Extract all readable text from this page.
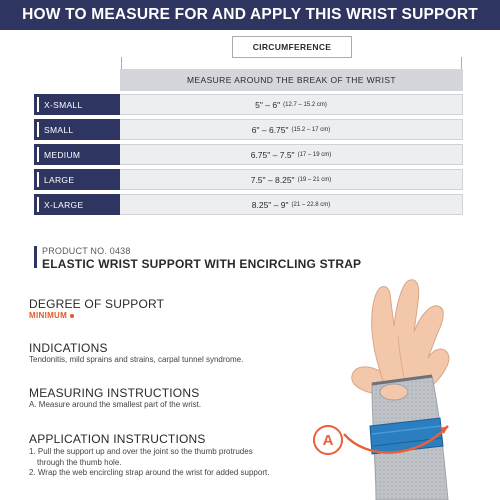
HOW TO MEASURE FOR AND APPLY THIS WRIST SUPPORT
CIRCUMFERENCE
MEASURE AROUND THE BREAK OF THE WRIST
X-SMALL	5" – 6" (12.7 – 15.2 cm)
SMALL	6" – 6.75" (15.2 – 17 cm)
MEDIUM	6.75" – 7.5" (17 – 19 cm)
LARGE	7.5" – 8.25" (19 – 21 cm)
X-LARGE	8.25" – 9" (21 – 22.8 cm)
PRODUCT NO. 0438
ELASTIC WRIST SUPPORT WITH ENCIRCLING STRAP
DEGREE OF SUPPORT
MINIMUM
INDICATIONS
Tendonitis, mild sprains and strains, carpal tunnel syndrome.
MEASURING INSTRUCTIONS
A. Measure around the smallest part of the wrist.
APPLICATION INSTRUCTIONS
1. Pull the support up and over the joint so the thumb protrudes
through the thumb hole.
2. Wrap the web encircling strap around the wrist for added support.
A
